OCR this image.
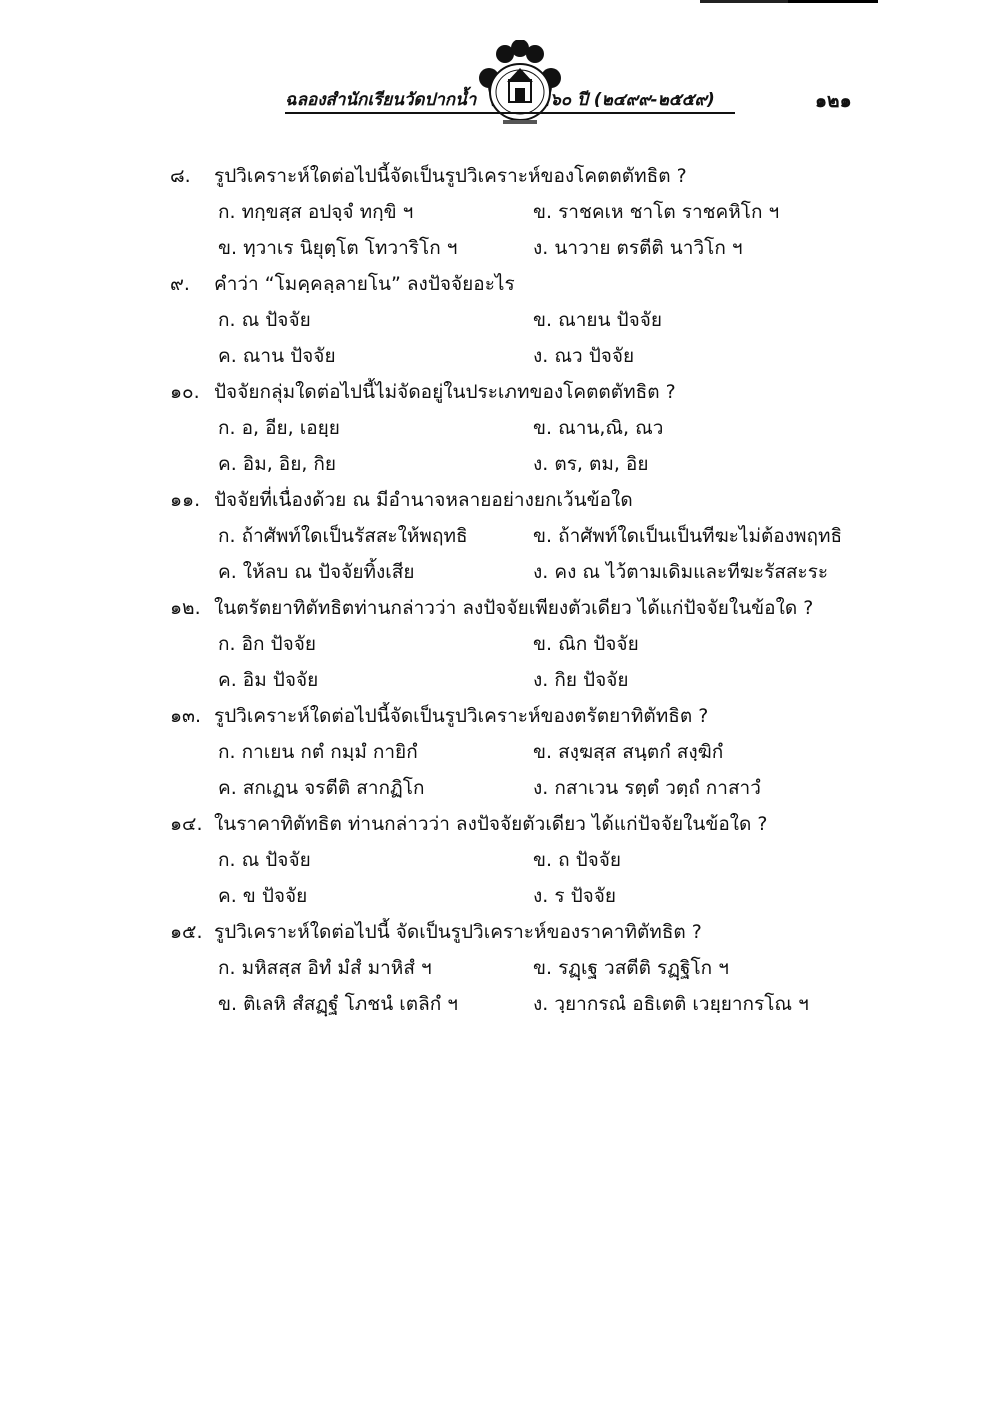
ฉลองสำนักเรียนวัดปากน้ำ	๖๐ ปี (๒๔๙๙-๒๕๕๙)	๑๒๑
๘.	รูปวิเคราะห์ใดต่อไปนี้จัดเป็นรูปวิเคราะห์ของโคตตตัทธิต ?
ก. ทกฺขสฺส อปจฺจํ ทกฺขิ ฯ	ข. ราชคเห ชาโต ราชคหิโก ฯ
ข. ทฺวาเร นิยุตฺโต โทวาริโก ฯ	ง. นาวาย ตรตีติ นาวิโก ฯ
๙.	คำว่า “โมคฺคลฺลายโน” ลงปัจจัยอะไร
ก. ณ ปัจจัย	ข. ณายน ปัจจัย
ค. ณาน ปัจจัย	ง. ณว ปัจจัย
๑๐. ปัจจัยกลุ่มใดต่อไปนี้ไม่จัดอยู่ในประเภทของโคตตตัทธิต ?
ก. อ, อีย, เอยฺย	ข. ณาน,ณิ, ณว
ค. อิม, อิย, กิย	ง. ตร, ตม, อิย
๑๑. ปัจจัยที่เนื่องด้วย ณ มีอำนาจหลายอย่างยกเว้นข้อใด
ก. ถ้าศัพท์ใดเป็นรัสสะให้พฤทธิ	ข. ถ้าศัพท์ใดเป็นเป็นทีฆะไม่ต้องพฤทธิ
ค. ให้ลบ ณ ปัจจัยทิ้งเสีย	ง. คง ณ ไว้ตามเดิมและทีฆะรัสสะระ
๑๒. ในตรัตยาทิตัทธิตท่านกล่าวว่า ลงปัจจัยเพียงตัวเดียว ได้แก่ปัจจัยในข้อใด ?
ก. อิก ปัจจัย	ข. ณิก ปัจจัย
ค. อิม ปัจจัย	ง. กิย ปัจจัย
๑๓. รูปวิเคราะห์ใดต่อไปนี้จัดเป็นรูปวิเคราะห์ของตรัตยาทิตัทธิต ?
ก. กาเยน กตํ กมฺมํ กายิกํ	ข. สงฺฆสฺส สนฺตกํ สงฺฆิกํ
ค. สกเฏน จรตีติ สากฏิโก	ง. กสาเวน รตฺตํ วตฺถํ กาสาวํ
๑๔. ในราคาทิตัทธิต ท่านกล่าวว่า ลงปัจจัยตัวเดียว ได้แก่ปัจจัยในข้อใด ?
ก. ณ ปัจจัย	ข. ถ ปัจจัย
ค. ข ปัจจัย	ง. ร ปัจจัย
๑๕. รูปวิเคราะห์ใดต่อไปนี้ จัดเป็นรูปวิเคราะห์ของราคาทิตัทธิต ?
ก. มหิสสฺส อิทํ มํสํ มาหิสํ ฯ	ข. รฏฺเฐ วสตีติ รฏฺฐิโก ฯ
ข. ติเลหิ สํสฏฺฐํ โภชนํ เตลิกํ ฯ	ง. วฺยากรณํ อธิเตติ เวยฺยากรโณ ฯ
